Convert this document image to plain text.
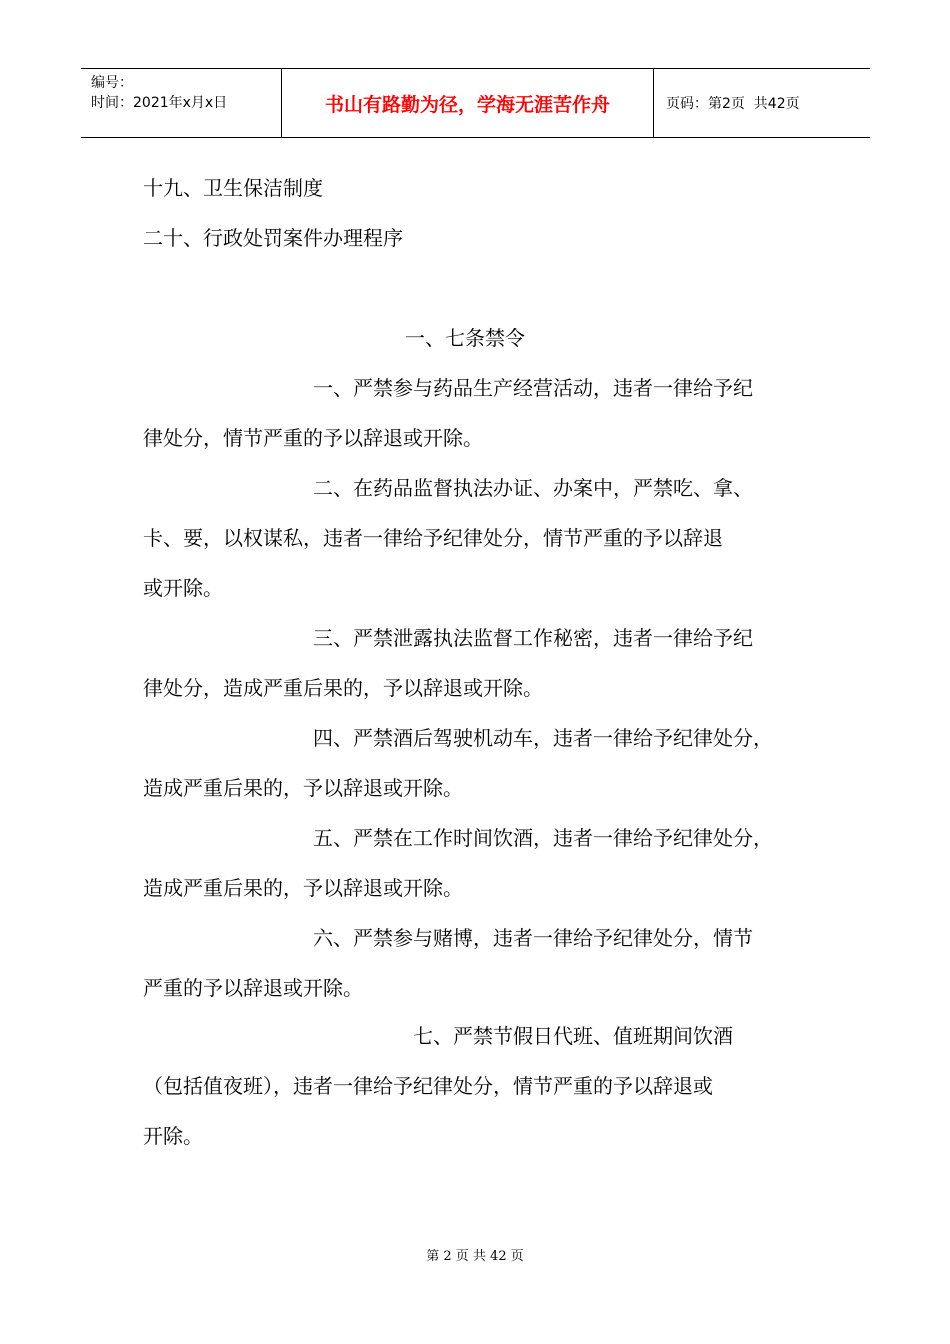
编号：
时间：2021年x月x日	书山有路勤为径，学海无涯苦作舟	页码：第2页  共42页
十九、卫生保洁制度
二十、行政处罚案件办理程序
一、七条禁令
一、严禁参与药品生产经营活动，违者一律给予纪
律处分，情节严重的予以辞退或开除。
二、在药品监督执法办证、办案中，严禁吃、拿、
卡、要，以权谋私，违者一律给予纪律处分，情节严重的予以辞退
或开除。
三、严禁泄露执法监督工作秘密，违者一律给予纪
律处分，造成严重后果的，予以辞退或开除。
四、严禁酒后驾驶机动车，违者一律给予纪律处分，
造成严重后果的，予以辞退或开除。
五、严禁在工作时间饮酒，违者一律给予纪律处分，
造成严重后果的，予以辞退或开除。
六、严禁参与赌博，违者一律给予纪律处分，情节
严重的予以辞退或开除。
七、严禁节假日代班、值班期间饮酒
（包括值夜班），违者一律给予纪律处分，情节严重的予以辞退或
开除。
第 2 页 共 42 页
